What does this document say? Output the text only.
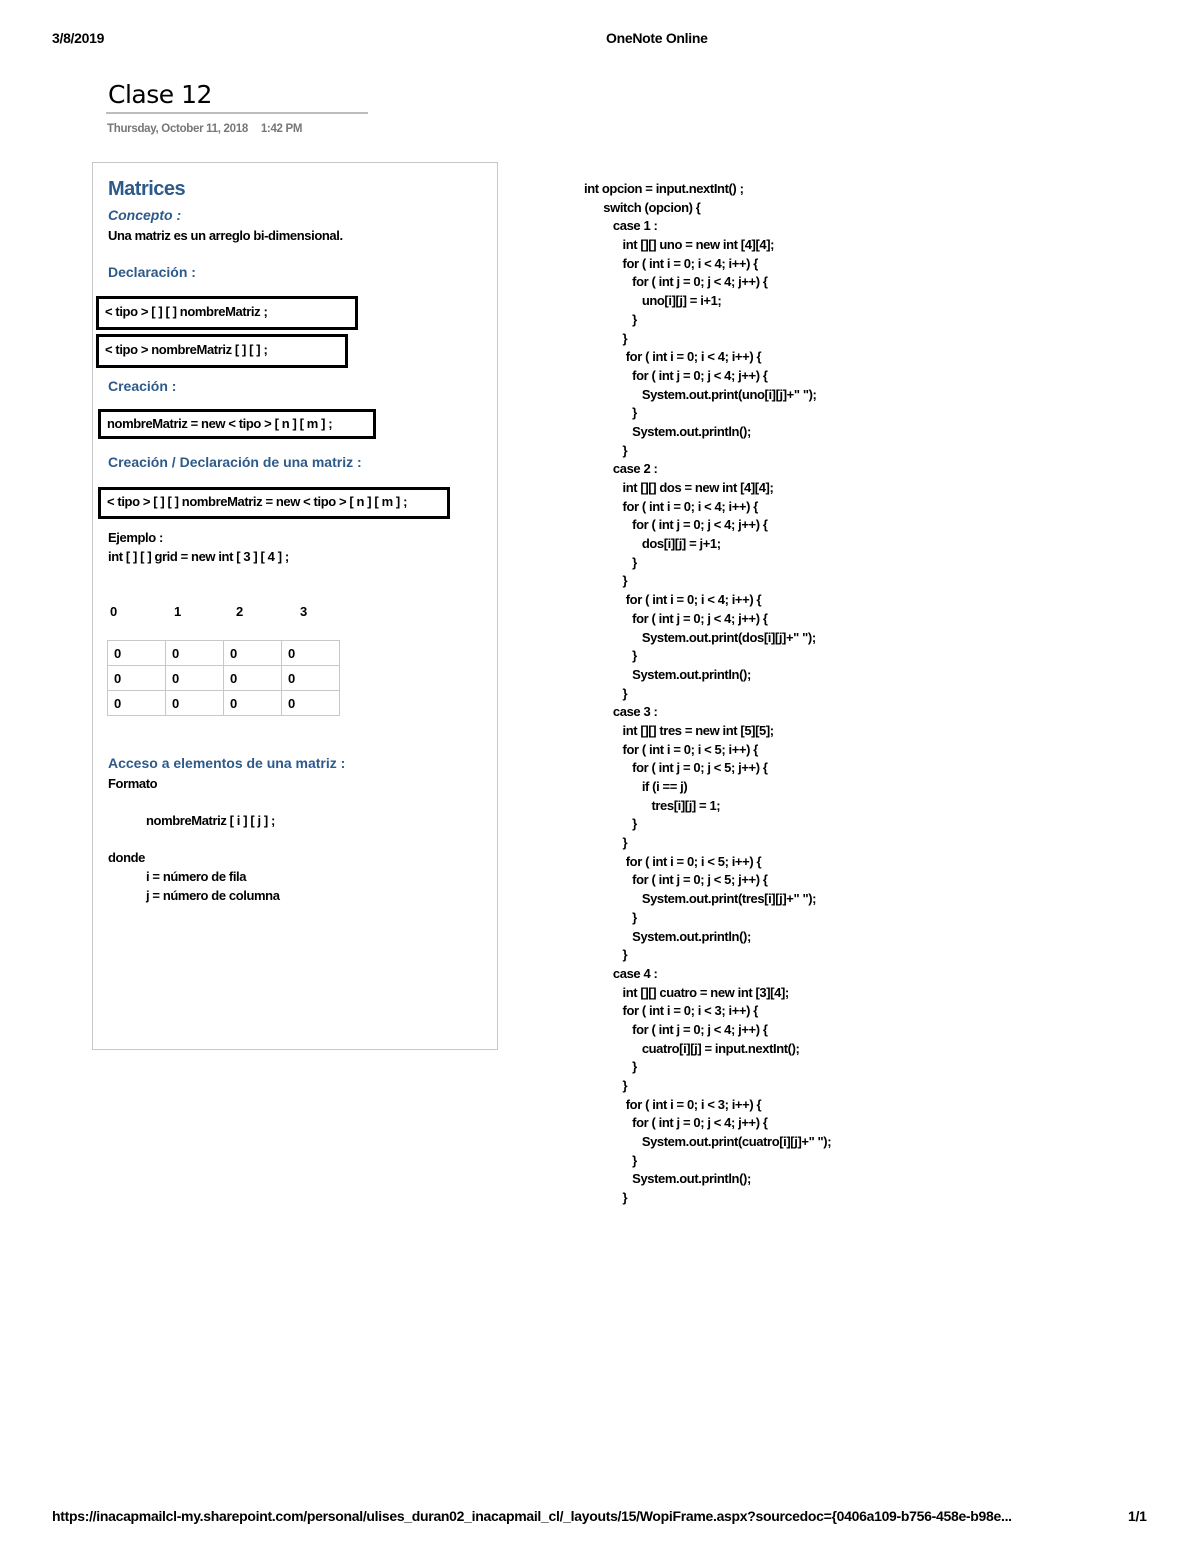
3/8/2019	OneNote Online
Clase 12
Thursday, October 11, 2018 1:42 PM
Matrices
Concepto :
Una matriz es un arreglo bi-dimensional.
Declaración :
< tipo > [ ] [ ] nombreMatriz ;
< tipo > nombreMatriz [ ] [ ] ;
Creación :
nombreMatriz = new < tipo > [ n ] [ m ] ;
Creación / Declaración de una matriz :
< tipo > [ ] [ ] nombreMatriz = new < tipo > [ n ] [ m ] ;
Ejemplo :
int [ ] [ ] grid = new int [ 3 ] [ 4 ] ;
0	1	2	3
0	0	0	0
0	0	0	0
0	0	0	0
Acceso a elementos de una matriz :
Formato
nombreMatriz [ i ] [ j ] ;
donde
i = número de fila
j = número de columna
int opcion = input.nextInt() ;
switch (opcion) {
case 1 :
int [][] uno = new int [4][4];
for ( int i = 0; i < 4; i++) {
for ( int j = 0; j < 4; j++) {
uno[i][j] = i+1;
}
}
for ( int i = 0; i < 4; i++) {
for ( int j = 0; j < 4; j++) {
System.out.print(uno[i][j]+" ");
}
System.out.println();
}
case 2 :
int [][] dos = new int [4][4];
for ( int i = 0; i < 4; i++) {
for ( int j = 0; j < 4; j++) {
dos[i][j] = j+1;
}
}
for ( int i = 0; i < 4; i++) {
for ( int j = 0; j < 4; j++) {
System.out.print(dos[i][j]+" ");
}
System.out.println();
}
case 3 :
int [][] tres = new int [5][5];
for ( int i = 0; i < 5; i++) {
for ( int j = 0; j < 5; j++) {
if (i == j)
tres[i][j] = 1;
}
}
for ( int i = 0; i < 5; i++) {
for ( int j = 0; j < 5; j++) {
System.out.print(tres[i][j]+" ");
}
System.out.println();
}
case 4 :
int [][] cuatro = new int [3][4];
for ( int i = 0; i < 3; i++) {
for ( int j = 0; j < 4; j++) {
cuatro[i][j] = input.nextInt();
}
}
for ( int i = 0; i < 3; i++) {
for ( int j = 0; j < 4; j++) {
System.out.print(cuatro[i][j]+" ");
}
System.out.println();
}
https://inacapmailcl-my.sharepoint.com/personal/ulises_duran02_inacapmail_cl/_layouts/15/WopiFrame.aspx?sourcedoc={0406a109-b756-458e-b98e...	1/1
